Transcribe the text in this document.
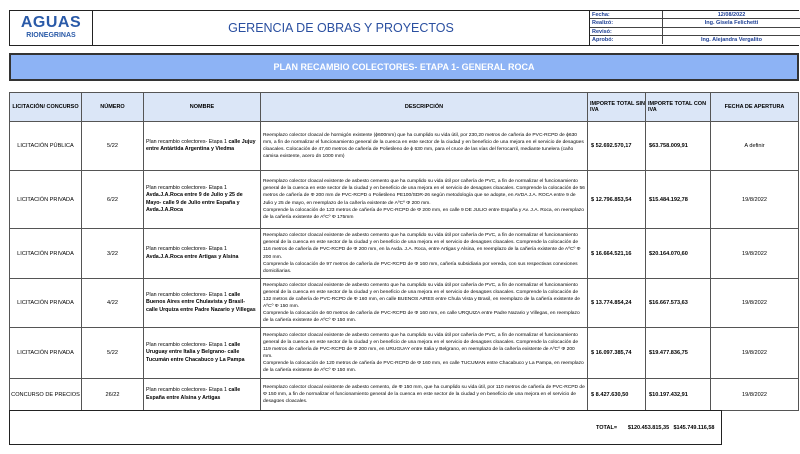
AGUAS
RIONEGRINAS
GERENCIA DE OBRAS Y PROYECTOS
Fecha:	12/08/2022
Realizó:	Ing. Gisela Felichetti
Revisó:
Aprobó:	Ing. Alejandra Vergalito
PLAN RECAMBIO COLECTORES- ETAPA 1- GENERAL ROCA
LICITACIÓN/ CONCURSO	NÚMERO	NOMBRE	DESCRIPCIÓN	IMPORTE TOTAL SIN IVA	IMPORTE TOTAL CON IVA	FECHA DE APERTURA
LICITACIÓN PÚBLICA	5/22	Plan recambio colectores- Etapa 1 calle Jujuy entre Antártida Argentina y Viedma	Reemplazo colector cloacal de hormigón existente (ϕ600mm) que ha cumplido su vida útil, por 230,20 metros de cañeria de PVC-RCPD de ϕ630 mm, a fin de normalizar el funcionamiento general de la cuenca en este sector de la ciudad y en beneficio de una mejora en el servicio de desagües cloacales. Colocación de 47,60 metros de cañería de Polietileno de ϕ 630 mm, para el cruce de las vías del ferrocarril, mediante tunelera (caño camisa existente, acero dn 1000 mm)	$ 52.692.570,17	$63.758.009,91	A definir
LICITACIÓN PRIVADA	6/22	Plan recambio colectores- Etapa 1 Avda.J.A.Roca entre 9 de Julio y 25 de Mayo- calle 9 de Julio entre España y Avda.J.A.Roca	Reemplazo colector cloacal existente de asbesto cemento que ha cumplido su vida útil por cañería de PVC, a fin de normalizar el funcionamiento general de la cuenca en este sector de la ciudad y en beneficio de una mejora en el servicio de desagües cloacales. Comprende la colocación de 56 metros de cañería de Φ 200 mm de PVC-RCPD o Polietileno PE100/SDR-26 según metodología que se adopte, en AVDA J.A. ROCA entre 9 de Julio y 25 de mayo, en reemplazo de la cañería existente de AºCº Φ 200 mm.
Comprende la colocación de 123 metros de cañería de PVC-RCPD de Φ 200 mm, en calle 9 DE JULIO entre España y Av. J.A. Roca, en reemplazo de la cañería existente de AºCº Φ 175mm	$ 12.796.853,54	$15.484.192,78	19/8/2022
LICITACIÓN PRIVADA	3/22	Plan recambio colectores- Etapa 1 Avda.J.A.Roca entre Artigas y Alsina	Reemplazo colector cloacal existente de asbesto cemento que ha cumplido su vida útil por cañería de PVC, a fin de normalizar el funcionamiento general de la cuenca en este sector de la ciudad y en beneficio de una mejora en el servicio de desagües cloacales. Comprende la colocación de 116 metros de cañería de PVC-RCPD de Φ 200 mm, en la Avda. J.A. Roca, entre Artigas y Alsina, en reemplazo de la cañería existente de AºCº Φ 200 mm.
Comprende la colocación de 97 metros de cañería de PVC-RCPD de Φ 160 mm, cañería subsidiaria por vereda, con sus respectivas conexiones domiciliarias.	$ 16.664.521,16	$20.164.070,60	19/8/2022
LICITACIÓN PRIVADA	4/22	Plan recambio colectores- Etapa 1 calle Buenos Aires entre Chulavista y Brasil- calle Urquiza entre Padre Nazario y Villegas	Reemplazo colector cloacal existente de asbesto cemento que ha cumplido su vida útil por cañería de PVC, a fin de normalizar el funcionamiento general de la cuenca en este sector de la ciudad y en beneficio de una mejora en el servicio de desagües cloacales. Comprende la colocación de 132 metros de cañería de PVC-RCPD de Φ 160 mm, en calle BUENOS AIRES entre Chula Vista y Brasil, en reemplazo de la cañería existente de AºCº Φ 150 mm.
Comprende la colocación de 60 metros de cañería de PVC-RCPD de Φ 160 mm, en calle URQUIZA entre Padre Nazario y Villegas, en reemplazo de la cañería existente de AºCº Φ 150 mm.	$ 13.774.854,24	$16.667.573,63	19/8/2022
LICITACIÓN PRIVADA	5/22	Plan recambio colectores- Etapa 1 calle Uruguay entre Italia y Belgrano- calle Tucumán entre Chacabuco y La Pampa	Reemplazo colector cloacal existente de asbesto cemento que ha cumplido su vida útil por cañería de PVC, a fin de normalizar el funcionamiento general de la cuenca en este sector de la ciudad y en beneficio de una mejora en el servicio de desagües cloacales. Comprende la colocación de 119 metros de cañería de PVC-RCPD de Φ 200 mm, en URUGUAY entre Italia y Belgrano, en reemplazo de la cañería existente de AºCº Φ 200 mm.
Comprende la colocación de 120 metros de cañería de PVC-RCPD de Φ 160 mm, en calle TUCUMAN entre Chacabuco y La Pampa, en reemplazo de la cañería existente de AºCº Φ 150 mm.	$ 16.097.385,74	$19.477.836,75	19/8/2022
CONCURSO DE PRECIOS	26/22	Plan recambio colectores- Etapa 1 calle España entre Alsina y Artigas	Reemplazo colector cloacal existente de asbesto cemento, de Φ 150 mm, que ha cumplido su vida útil, por 110 metros de cañería de PVC-RCPD de Φ 150 mm, a fin de normalizar el funcionamiento general de la cuenca en este sector de la ciudad y en beneficio de una mejora en el servicio de desagües cloacales.	$ 8.427.630,50	$10.197.432,91	19/8/2022
TOTAL=	$120.453.815,35 $145.749.116,58
